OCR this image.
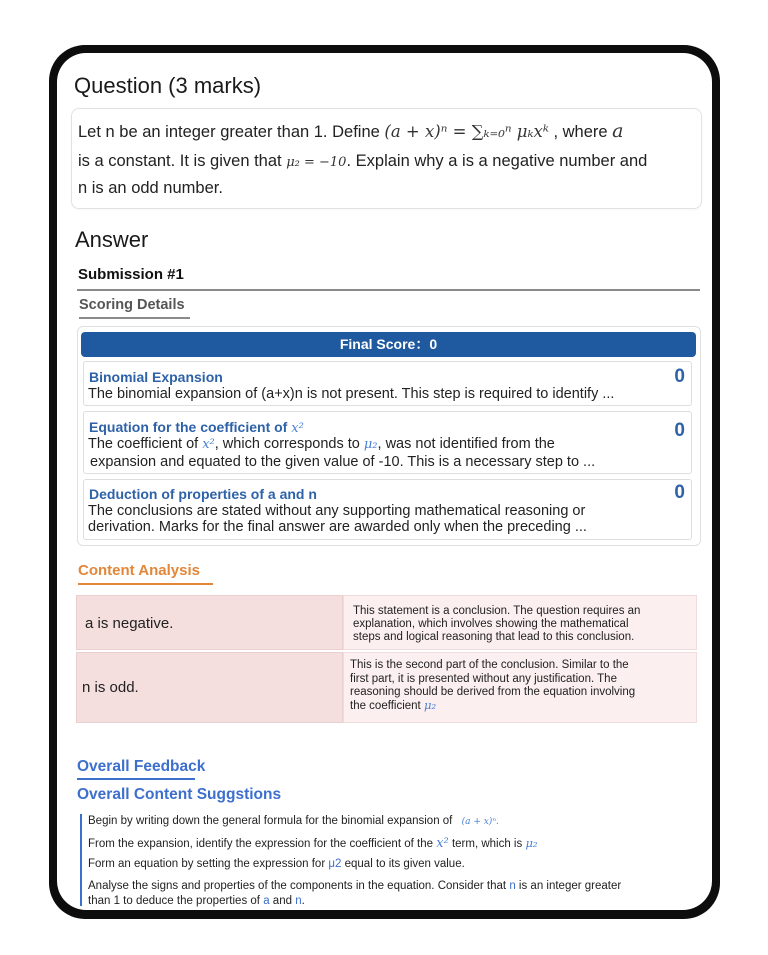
Question (3 marks)
Let n be an integer greater than 1. Define (a + x)ⁿ = ∑ₖ₌₀ⁿ μₖxᵏ , where a
is a constant. It is given that μ₂ = −10. Explain why a is a negative number and
n is an odd number.
Answer
Submission #1
Scoring Details
Final Score：0
Binomial Expansion	0
The binomial expansion of (a+x)n is not present. This step is required to identify ...
Equation for the coefficient of x²	0
The coefficient of x², which corresponds to μ₂, was not identified from the
expansion and equated to the given value of -10. This is a necessary step to ...
Deduction of properties of a and n	0
The conclusions are stated without any supporting mathematical reasoning or
derivation. Marks for the final answer are awarded only when the preceding ...
Content Analysis
a is negative.
This statement is a conclusion. The question requires an
explanation, which involves showing the mathematical
steps and logical reasoning that lead to this conclusion.
n is odd.
This is the second part of the conclusion. Similar to the
first part, it is presented without any justification. The
reasoning should be derived from the equation involving
the coefficient μ₂
Overall Feedback
Overall Content Suggstions
Begin by writing down the general formula for the binomial expansion of (a + x)ⁿ.
From the expansion, identify the expression for the coefficient of the x² term, which is μ₂
Form an equation by setting the expression for μ2 equal to its given value.
Analyse the signs and properties of the components in the equation. Consider that n is an integer greater
than 1 to deduce the properties of a and n.
